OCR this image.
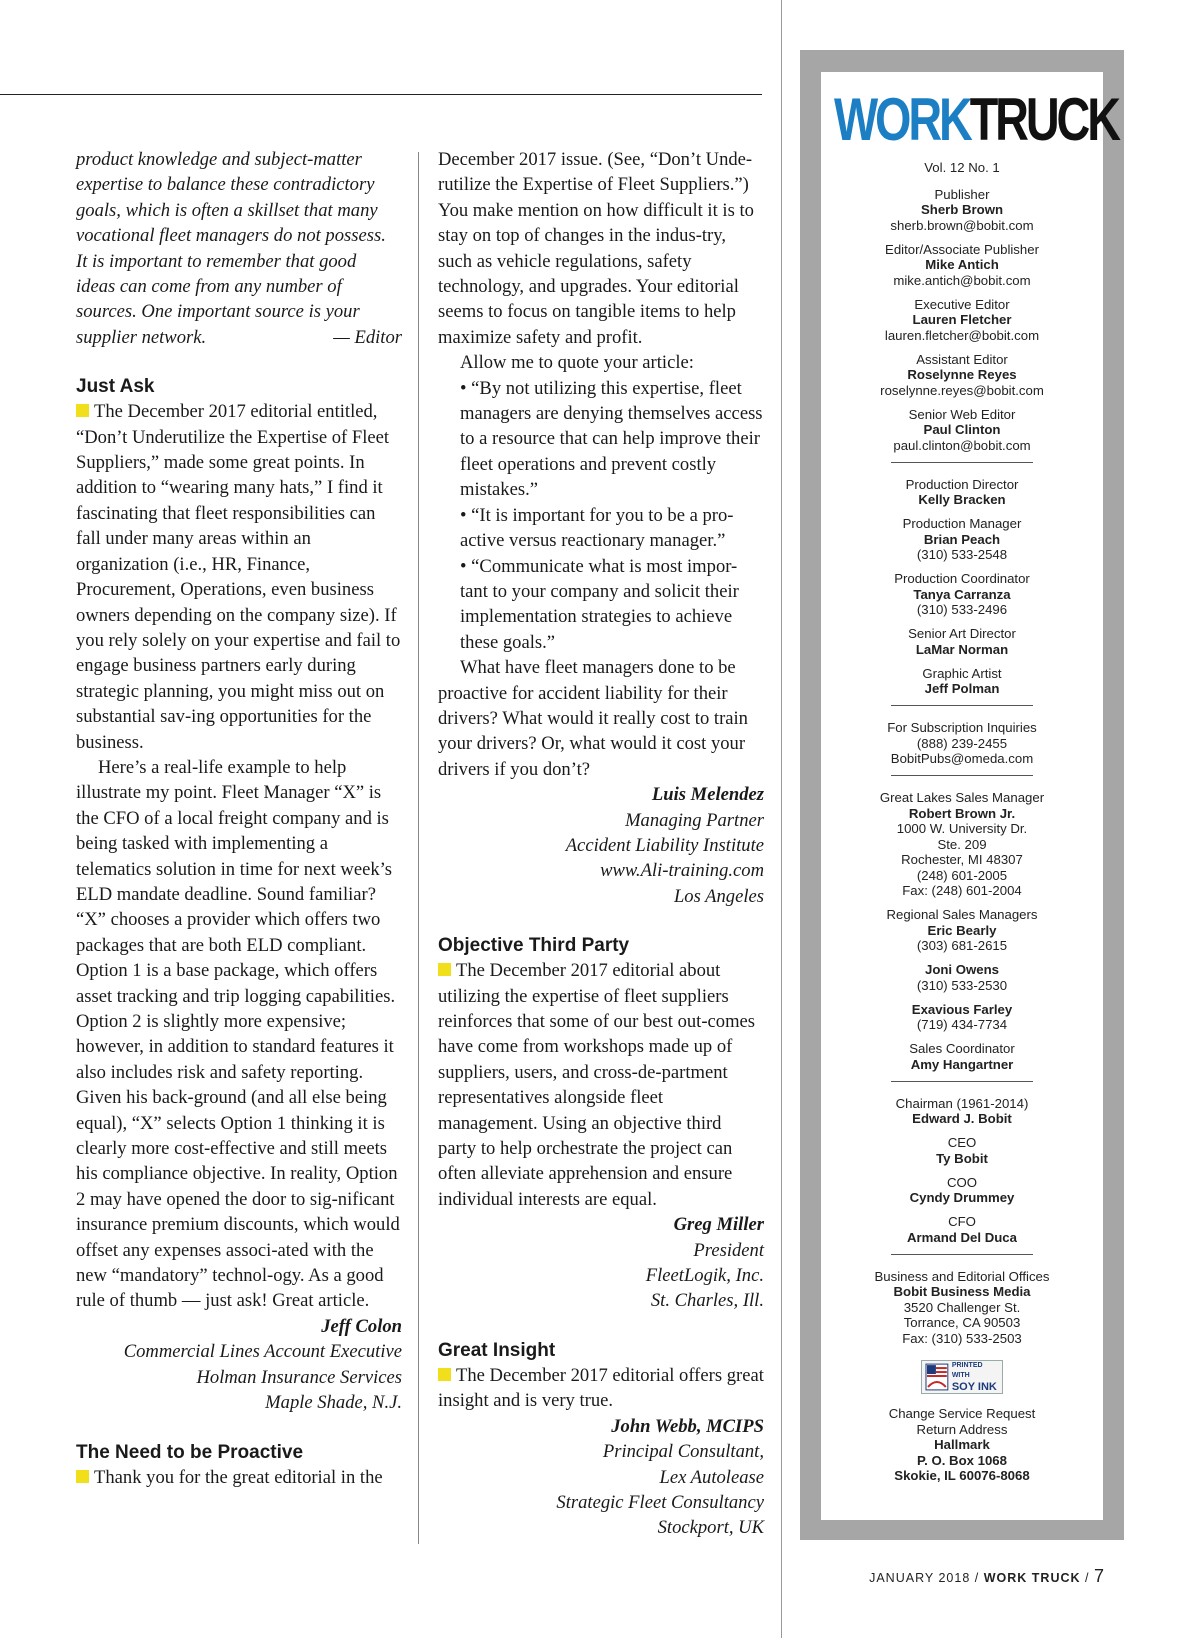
product knowledge and subject-matter
expertise to balance these contradictory
goals, which is often a skillset that many
vocational fleet managers do not possess.
It is important to remember that good
ideas can come from any number of
sources. One important source is your
supplier network.	— Editor
Just Ask

The December 2017 editorial entitled, “Don’t Underutilize the Expertise of Fleet Suppliers,” made some great points. In addition to “wearing many hats,” I find it fascinating that fleet responsibilities can fall under many areas within an organization (i.e., HR, Finance, Procurement, Operations, even business owners depending on the company size). If you rely solely on your expertise and fail to engage business partners early during strategic planning, you might miss out on substantial sav-ing opportunities for the business.

Here’s a real-life example to help illustrate my point. Fleet Manager “X” is the CFO of a local freight company and is being tasked with implementing a telematics solution in time for next week’s ELD mandate deadline. Sound familiar? “X” chooses a provider which offers two packages that are both ELD compliant. Option 1 is a base package, which offers asset tracking and trip logging capabilities. Option 2 is slightly more expensive; however, in addition to standard features it also includes risk and safety reporting. Given his back-ground (and all else being equal), “X” selects Option 1 thinking it is clearly more cost-effective and still meets his compliance objective. In reality, Option 2 may have opened the door to sig-nificant insurance premium discounts, which would offset any expenses associ-ated with the new “mandatory” technol-ogy. As a good rule of thumb — just ask! Great article.

Jeff Colon
Commercial Lines Account Executive
Holman Insurance Services
Maple Shade, N.J.
The Need to be Proactive

Thank you for the great editorial in the

December 2017 issue. (See, “Don’t Unde-rutilize the Expertise of Fleet Suppliers.”) You make mention on how difficult it is to stay on top of changes in the indus-try, such as vehicle regulations, safety technology, and upgrades. Your editorial seems to focus on tangible items to help maximize safety and profit.

Allow me to quote your article:

• “By not utilizing this expertise, fleet managers are denying themselves access to a resource that can help improve their fleet operations and prevent costly mistakes.”

• “It is important for you to be a pro-active versus reactionary manager.”

• “Communicate what is most impor-tant to your company and solicit their implementation strategies to achieve these goals.”

What have fleet managers done to be proactive for accident liability for their drivers? What would it really cost to train your drivers? Or, what would it cost your drivers if you don’t?

Luis Melendez
Managing Partner
Accident Liability Institute
www.Ali-training.com
Los Angeles
Objective Third Party

The December 2017 editorial about utilizing the expertise of fleet suppliers reinforces that some of our best out-comes have come from workshops made up of suppliers, users, and cross-de-partment representatives alongside fleet management. Using an objective third party to help orchestrate the project can often alleviate apprehension and ensure individual interests are equal.

Greg Miller
President
FleetLogik, Inc.
St. Charles, Ill.
Great Insight

The December 2017 editorial offers great insight and is very true.

John Webb, MCIPS
Principal Consultant,
Lex Autolease
Strategic Fleet Consultancy
Stockport, UK
WORKTRUCK
Vol. 12 No. 1
Publisher
Sherb Brown
sherb.brown@bobit.com
Editor/Associate Publisher
Mike Antich
mike.antich@bobit.com
Executive Editor
Lauren Fletcher
lauren.fletcher@bobit.com
Assistant Editor
Roselynne Reyes
roselynne.reyes@bobit.com
Senior Web Editor
Paul Clinton
paul.clinton@bobit.com
Production Director
Kelly Bracken
Production Manager
Brian Peach
(310) 533-2548
Production Coordinator
Tanya Carranza
(310) 533-2496
Senior Art Director
LaMar Norman
Graphic Artist
Jeff Polman
For Subscription Inquiries
(888) 239-2455
BobitPubs@omeda.com
Great Lakes Sales Manager
Robert Brown Jr.
1000 W. University Dr.
Ste. 209
Rochester, MI 48307
(248) 601-2005
Fax: (248) 601-2004
Regional Sales Managers
Eric Bearly
(303) 681-2615
Joni Owens
(310) 533-2530
Exavious Farley
(719) 434-7734
Sales Coordinator
Amy Hangartner
Chairman (1961-2014)
Edward J. Bobit
CEO
Ty Bobit
COO
Cyndy Drummey
CFO
Armand Del Duca
Business and Editorial Offices
Bobit Business Media
3520 Challenger St.
Torrance, CA 90503
Fax: (310) 533-2503
PRINTED WITH
SOY INK
Change Service Request
Return Address
Hallmark
P. O. Box 1068
Skokie, IL 60076-8068
JANUARY 2018 / WORK TRUCK / 7
